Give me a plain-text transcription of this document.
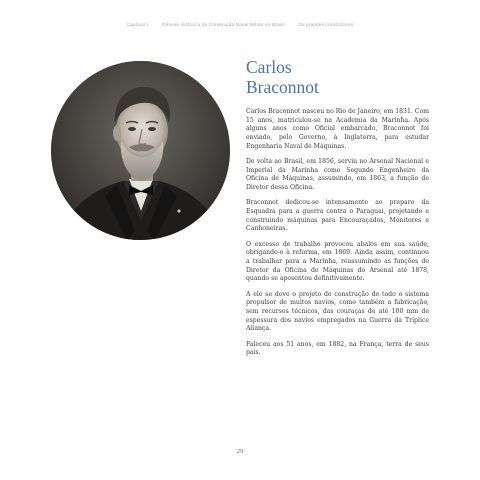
Capítulo I	Gênese Histórica da Construção Naval Militar no Brasil	Os grandes construtores
Carlos
Braconnot

Carlos Braconnot nasceu no Rio de Janeiro, em 1831. Com 15 anos, matriculou-se na Academia da Marinha. Após alguns anos como Oficial embarcado, Braconnot foi enviado, pelo Governo, à Inglaterra, para estudar Engenharia Naval de Máquinas.

De volta ao Brasil, em 1856, serviu no Arsenal Nacional e Imperial da Marinha como Segundo Engenheiro da Oficina de Máquinas, assumindo, em 1863, a função de Diretor dessa Oficina.

Braconnot dedicou-se intensamente ao preparo da Esquadra para a guerra contra o Paraguai, projetando e construindo máquinas para Encouraçados, Monitores e Canhoneiras.

O excesso de trabalho provocou abalos em sua saúde, obrigando-o à reforma, em 1869. Ainda assim, continuou a trabalhar para a Marinha, reassumindo as funções de Diretor da Oficina de Máquinas do Arsenal até 1878, quando se aposentou definitivamente.

A ele se deve o projeto de construção de todo o sistema propulsor de muitos navios, como também a fabricação, sem recursos técnicos, das couraças de até 100 mm de espessura dos navios empregados na Guerra da Tríplice Aliança.

Faleceu aos 51 anos, em 1882, na França, terra de seus pais.

29
